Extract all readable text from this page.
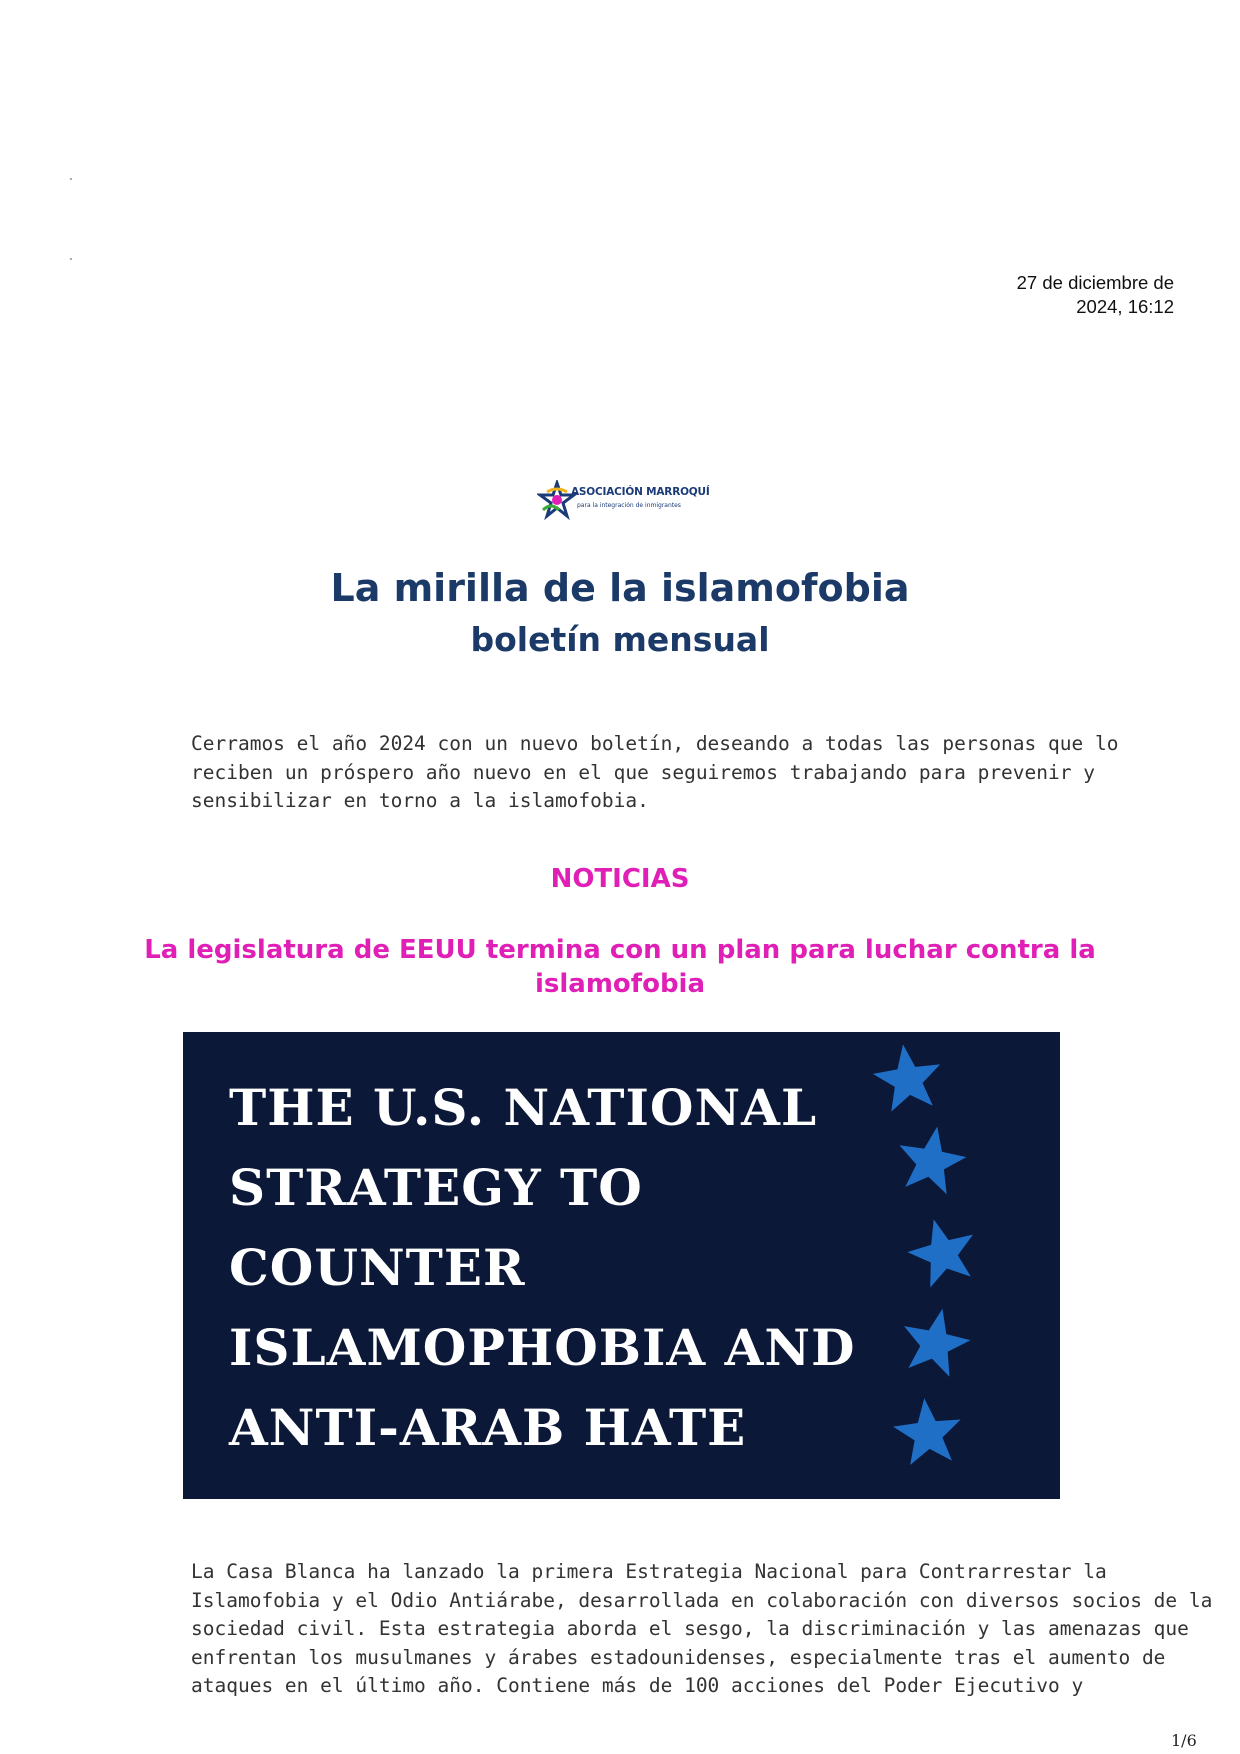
27 de diciembre de
2024, 16:12
ASOCIACIÓN MARROQUÍ
para la integración de inmigrantes
La mirilla de la islamofobia
boletín mensual
Cerramos el año 2024 con un nuevo boletín, deseando a todas las personas que lo
reciben un próspero año nuevo en el que seguiremos trabajando para prevenir y
sensibilizar en torno a la islamofobia.
NOTICIAS
La legislatura de EEUU termina con un plan para luchar contra la
islamofobia
THE U.S. NATIONAL
STRATEGY TO
COUNTER
ISLAMOPHOBIA AND
ANTI-ARAB HATE
La Casa Blanca ha lanzado la primera Estrategia Nacional para Contrarrestar la
Islamofobia y el Odio Antiárabe, desarrollada en colaboración con diversos socios de la
sociedad civil. Esta estrategia aborda el sesgo, la discriminación y las amenazas que
enfrentan los musulmanes y árabes estadounidenses, especialmente tras el aumento de
ataques en el último año. Contiene más de 100 acciones del Poder Ejecutivo y
1/6
